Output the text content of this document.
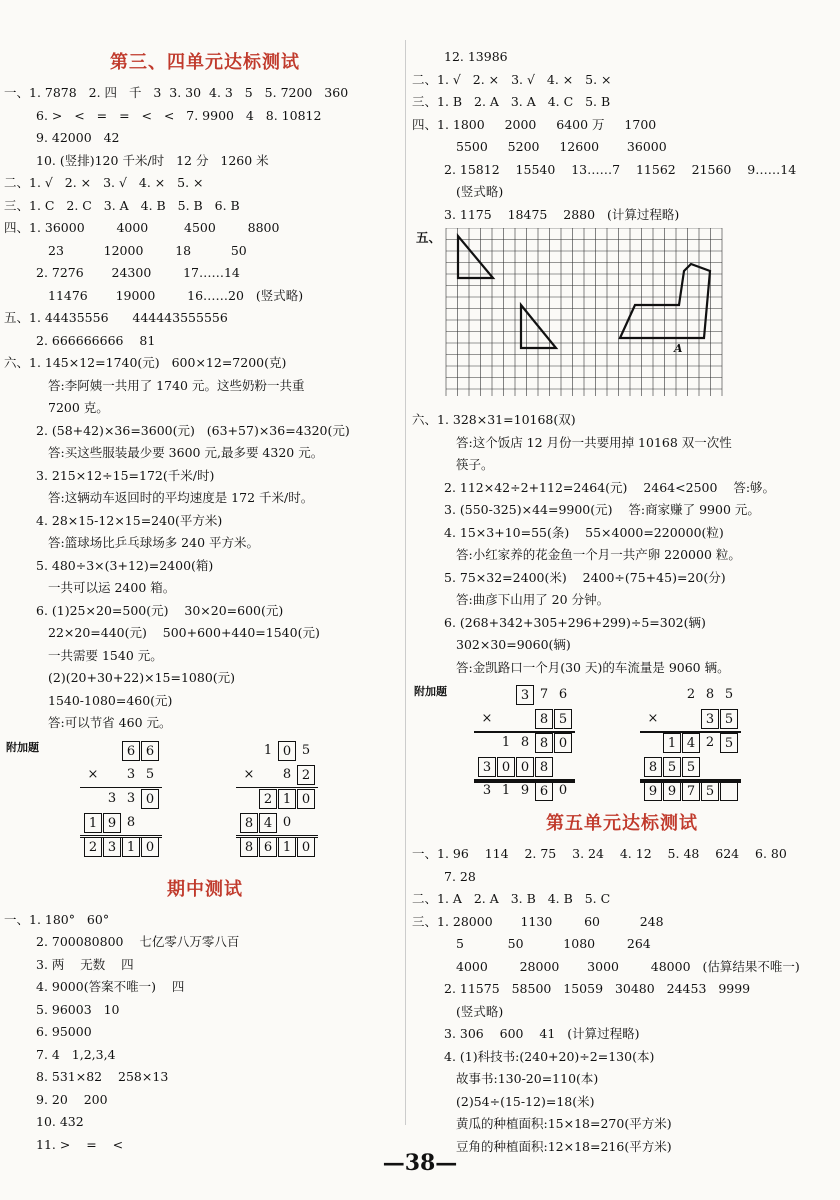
第三、四单元达标测试
一、1. 7878   2. 四   千   3  3. 30  4. 3   5   5. 7200   360
6. >   <   =   =   <   <   7. 9900   4   8. 10812
9. 42000   42
10. (竖排)120 千米/时   12 分   1260 米
二、1. √   2. ×   3. √   4. ×   5. ×
三、1. C   2. C   3. A   4. B   5. B   6. B
四、1. 36000        4000         4500        8800
23          12000        18          50
2. 7276       24300        17……14
11476       19000        16……20   (竖式略)
五、1. 44435556      444443555556
2. 666666666    81
六、1. 145×12=1740(元)   600×12=7200(克)
答:李阿姨一共用了 1740 元。这些奶粉一共重
7200 克。
2. (58+42)×36=3600(元)   (63+57)×36=4320(元)
答:买这些服装最少要 3600 元,最多要 4320 元。
3. 215×12÷15=172(千米/时)
答:这辆动车返回时的平均速度是 172 千米/时。
4. 28×15-12×15=240(平方米)
答:篮球场比乒乓球场多 240 平方米。
5. 480÷3×(3+12)=2400(箱)
一共可以运 2400 箱。
6. (1)25×20=500(元)    30×20=600(元)
22×20=440(元)    500+600+440=1540(元)
一共需要 1540 元。
(2)(20+30+22)×15=1080(元)
1540-1080=460(元)
答:可以节省 460 元。
附加题	6 6
×	3 5
3 3 0
1 9 8
2 3 1 0
1 0 5
×	8 2
2 1 0
8 4 0
8 6 1 0
期中测试
一、1. 180°   60°
2. 700080800    七亿零八万零八百
3. 两    无数    四
4. 9000(答案不唯一)    四
5. 96003   10
6. 95000
7. 4   1,2,3,4
8. 531×82    258×13
9. 20    200
10. 432
11. >    =    <
12. 13986
二、1. √   2. ×   3. √   4. ×   5. ×
三、1. B   2. A   3. A   4. C   5. B
四、1. 1800     2000     6400 万     1700
5500     5200     12600       36000
2. 15812    15540    13……7    11562    21560    9……14
(竖式略)
3. 1175    18475    2880   (计算过程略)
五、
A
六、1. 328×31=10168(双)
答:这个饭店 12 月份一共要用掉 10168 双一次性
筷子。
2. 112×42÷2+112=2464(元)    2464<2500    答:够。
3. (550-325)×44=9900(元)    答:商家赚了 9900 元。
4. 15×3+10=55(条)    55×4000=220000(粒)
答:小红家养的花金鱼一个月一共产卵 220000 粒。
5. 75×32=2400(米)    2400÷(75+45)=20(分)
答:曲彦下山用了 20 分钟。
6. (268+342+305+296+299)÷5=302(辆)
302×30=9060(辆)
答:金凯路口一个月(30 天)的车流量是 9060 辆。
附加题	3 7 6
×	8 5
1 8 8 0
3 0 0 8
3 1 9 6 0
2 8 5
×	3 5
1 4 2 5
8 5 5
9 9 7 5
第五单元达标测试
一、1. 96    114    2. 75    3. 24    4. 12    5. 48    624    6. 80
7. 28
二、1. A   2. A   3. B   4. B   5. C
三、1. 28000       1130        60          248
5           50          1080        264
4000        28000       3000        48000   (估算结果不唯一)
2. 11575   58500   15059   30480   24453   9999
(竖式略)
3. 306    600    41   (计算过程略)
4. (1)科技书:(240+20)÷2=130(本)
故事书:130-20=110(本)
(2)54÷(15-12)=18(米)
黄瓜的种植面积:15×18=270(平方米)
豆角的种植面积:12×18=216(平方米)
—38—
